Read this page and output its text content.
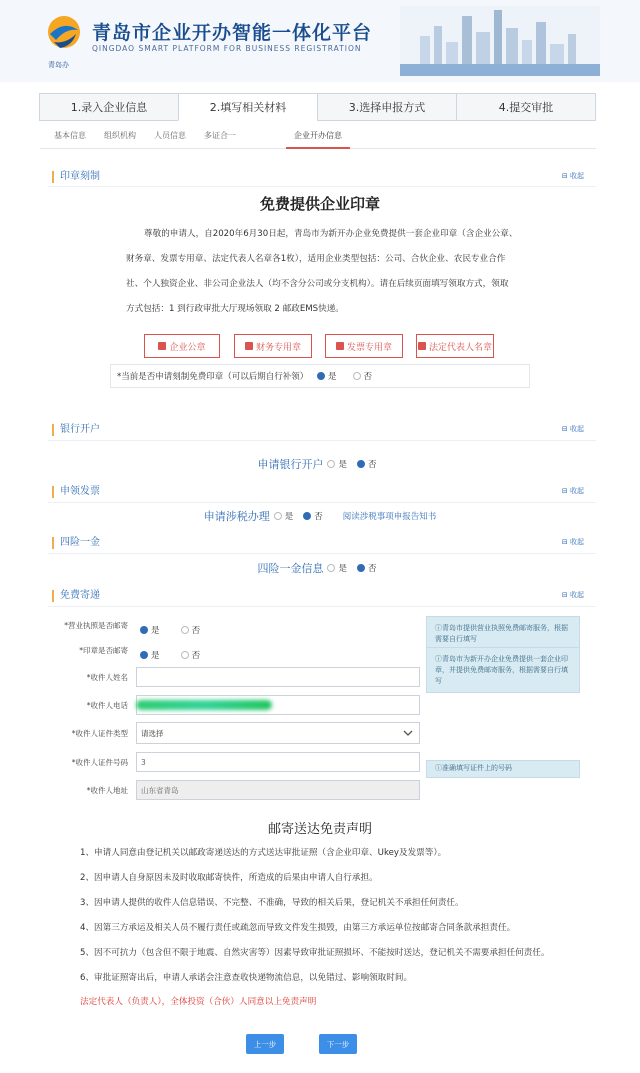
青岛办
青岛市企业开办智能一体化平台
QINGDAO SMART PLATFORM FOR BUSINESS REGISTRATION
1.录入企业信息	2.填写相关材料	3.选择申报方式	4.提交审批
基本信息 组织机构 人员信息 多证合一	企业开办信息
印章刻制	⊟ 收起
免费提供企业印章
尊敬的申请人，自2020年6月30日起，青岛市为新开办企业免费提供一套企业印章（含企业公章、
财务章、发票专用章、法定代表人名章各1枚），适用企业类型包括：公司、合伙企业、农民专业合作
社、个人独资企业、非公司企业法人（均不含分公司或分支机构）。请在后续页面填写领取方式，领取
方式包括：1 到行政审批大厅现场领取 2 邮政EMS快递。
企业公章	财务专用章	发票专用章	法定代表人名章
*当前是否申请刻制免费印章（可以后期自行补领）	是	否
银行开户	⊟ 收起
申请银行开户 是 否
申领发票	⊟ 收起
申请涉税办理 是 否 阅读涉税事项申报告知书
四险一金	⊟ 收起
四险一金信息 是 否
免费寄递	⊟ 收起
*营业执照是否邮寄
是
	否
*印章是否邮寄
是
	否
*收件人姓名
*收件人电话
*收件人证件类型 请选择
*收件人证件号码 3
*收件人地址 山东省青岛
ⓘ青岛市提供营业执照免费邮寄服务，根据需要自行填写
ⓘ青岛市为新开办企业免费提供一套企业印章，并提供免费邮寄服务，根据需要自行填写
ⓘ准确填写证件上的号码
邮寄送达免责声明
1、申请人同意由登记机关以邮政寄递送达的方式送达审批证照（含企业印章、Ukey及发票等）。
2、因申请人自身原因未及时收取邮寄快件，所造成的后果由申请人自行承担。
3、因申请人提供的收件人信息错误、不完整、不准确，导致的相关后果，登记机关不承担任何责任。
4、因第三方承运及相关人员不履行责任或疏忽而导致文件发生损毁，由第三方承运单位按邮寄合同条款承担责任。
5、因不可抗力（包含但不限于地震、自然灾害等）因素导致审批证照损坏、不能按时送达，登记机关不需要承担任何责任。
6、审批证照寄出后，申请人承诺会注意查收快递物流信息，以免错过、影响领取时间。
法定代表人（负责人），全体投资（合伙）人同意以上免责声明
上一步	下一步
